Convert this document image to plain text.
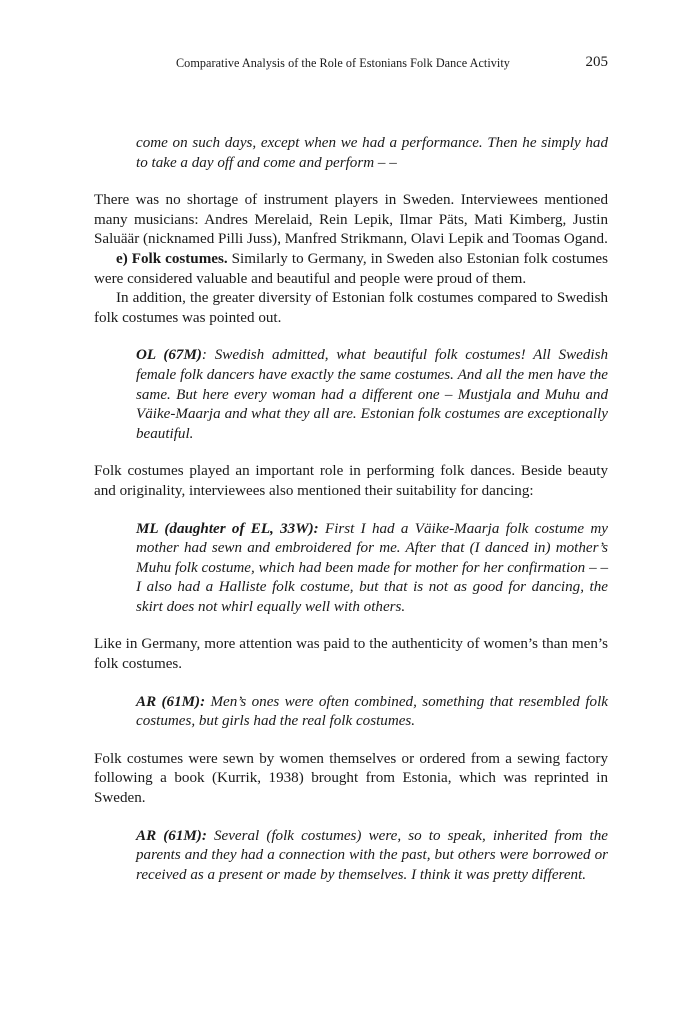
Comparative Analysis of the Role of Estonians Folk Dance Activity	205

come on such days, except when we had a performance. Then he simply had to take a day off and come and perform – –

There was no shortage of instrument players in Sweden. Interviewees mentioned many musicians: Andres Merelaid, Rein Lepik, Ilmar Päts, Mati Kimberg, Justin Saluäär (nicknamed Pilli Juss), Manfred Strikmann, Olavi Lepik and Toomas Ogand.

e) Folk costumes. Similarly to Germany, in Sweden also Estonian folk costumes were considered valuable and beautiful and people were proud of them.

In addition, the greater diversity of Estonian folk costumes compared to Swedish folk costumes was pointed out.

OL (67M): Swedish admitted, what beautiful folk costumes! All Swedish female folk dancers have exactly the same costumes. And all the men have the same. But here every woman had a different one – Mustjala and Muhu and Väike-Maarja and what they all are. Estonian folk costumes are exceptionally beautiful.

Folk costumes played an important role in performing folk dances. Beside beauty and originality, interviewees also mentioned their suitability for dancing:

ML (daughter of EL, 33W): First I had a Väike-Maarja folk costume my mother had sewn and embroidered for me. After that (I danced in) mother’s Muhu folk costume, which had been made for mother for her confirmation – – I also had a Halliste folk costume, but that is not as good for dancing, the skirt does not whirl equally well with others.

Like in Germany, more attention was paid to the authenticity of women’s than men’s folk costumes.

AR (61M): Men’s ones were often combined, something that resembled folk costumes, but girls had the real folk costumes.

Folk costumes were sewn by women themselves or ordered from a sewing factory following a book (Kurrik, 1938) brought from Estonia, which was reprinted in Sweden.

AR (61M): Several (folk costumes) were, so to speak, inherited from the parents and they had a connection with the past, but others were borrowed or received as a present or made by themselves. I think it was pretty different.
